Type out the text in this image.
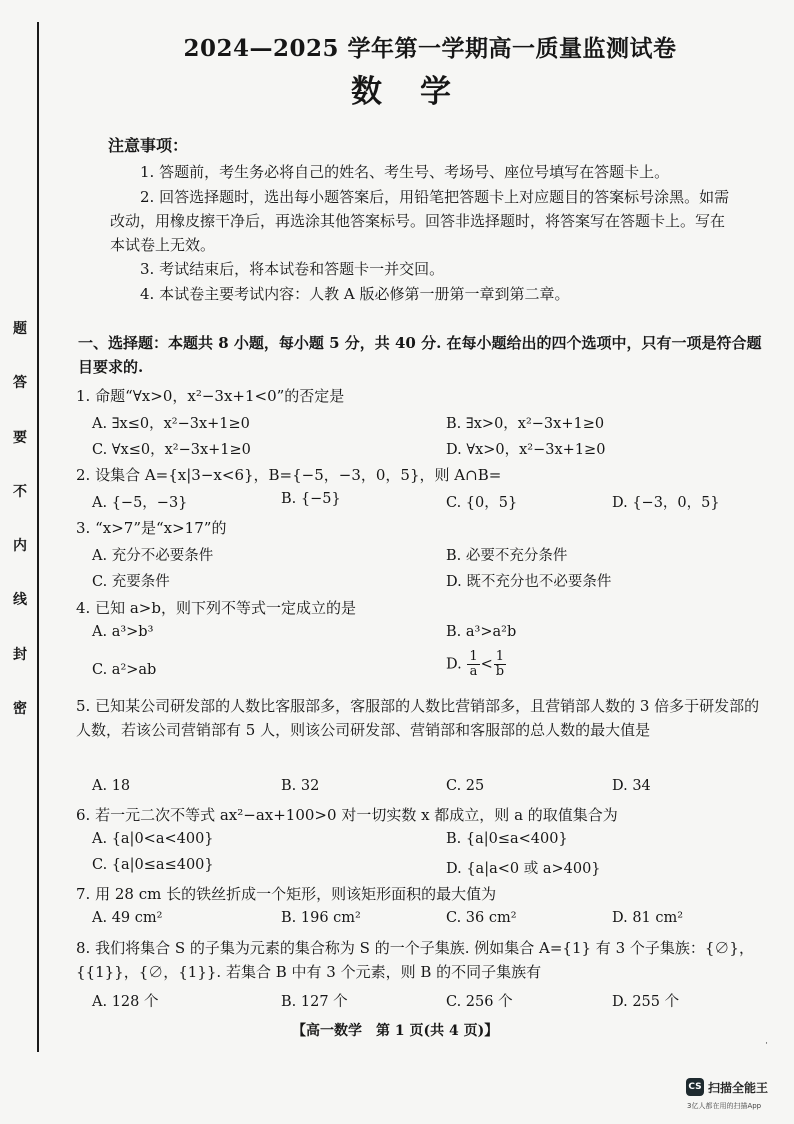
题
答
要
不
内
线
封
密
2024—2025 学年第一学期高一质量监测试卷
数学
注意事项：
1. 答题前，考生务必将自己的姓名、考生号、考场号、座位号填写在答题卡上。
2. 回答选择题时，选出每小题答案后，用铅笔把答题卡上对应题目的答案标号涂黑。如需改动，用橡皮擦干净后，再选涂其他答案标号。回答非选择题时，将答案写在答题卡上。写在本试卷上无效。
3. 考试结束后，将本试卷和答题卡一并交回。
4. 本试卷主要考试内容：人教 A 版必修第一册第一章到第二章。
一、选择题：本题共 8 小题，每小题 5 分，共 40 分. 在每小题给出的四个选项中，只有一项是符合题目要求的.
1. 命题“∀x>0，x²−3x+1<0”的否定是
A. ∃x≤0，x²−3x+1≥0	B. ∃x>0，x²−3x+1≥0
C. ∀x≤0，x²−3x+1≥0	D. ∀x>0，x²−3x+1≥0
2. 设集合 A={x|3−x<6}，B={−5，−3，0，5}，则 A∩B=
A. {−5，−3}	B. {−5}	C. {0，5}	D. {−3，0，5}
3. “x>7”是“x>17”的
A. 充分不必要条件	B. 必要不充分条件
C. 充要条件	D. 既不充分也不必要条件
4. 已知 a>b，则下列不等式一定成立的是
A. a³>b³	B. a³>a²b
C. a²>ab	D. $\frac{1}{a} < \frac{1}{b}$
5. 已知某公司研发部的人数比客服部多，客服部的人数比营销部多，且营销部人数的 3 倍多于研发部的人数，若该公司营销部有 5 人，则该公司研发部、营销部和客服部的总人数的最大值是
A. 18	B. 32	C. 25	D. 34
6. 若一元二次不等式 ax²−ax+100>0 对一切实数 x 都成立，则 a 的取值集合为
A. {a|0<a<400}	B. {a|0≤a<400}
C. {a|0≤a≤400}	D. {a|a<0 或 a>400}
7. 用 28 cm 长的铁丝折成一个矩形，则该矩形面积的最大值为
A. 49 cm²	B. 196 cm²	C. 36 cm²	D. 81 cm²
8. 我们将集合 S 的子集为元素的集合称为 S 的一个子集族. 例如集合 A={1} 有 3 个子集族：{∅}，{{1}}，{∅，{1}}. 若集合 B 中有 3 个元素，则 B 的不同子集族有
A. 128 个	B. 127 个	C. 256 个	D. 255 个
【高一数学　第 1 页(共 4 页)】
˙
CS 扫描全能王
3亿人都在用的扫描App
